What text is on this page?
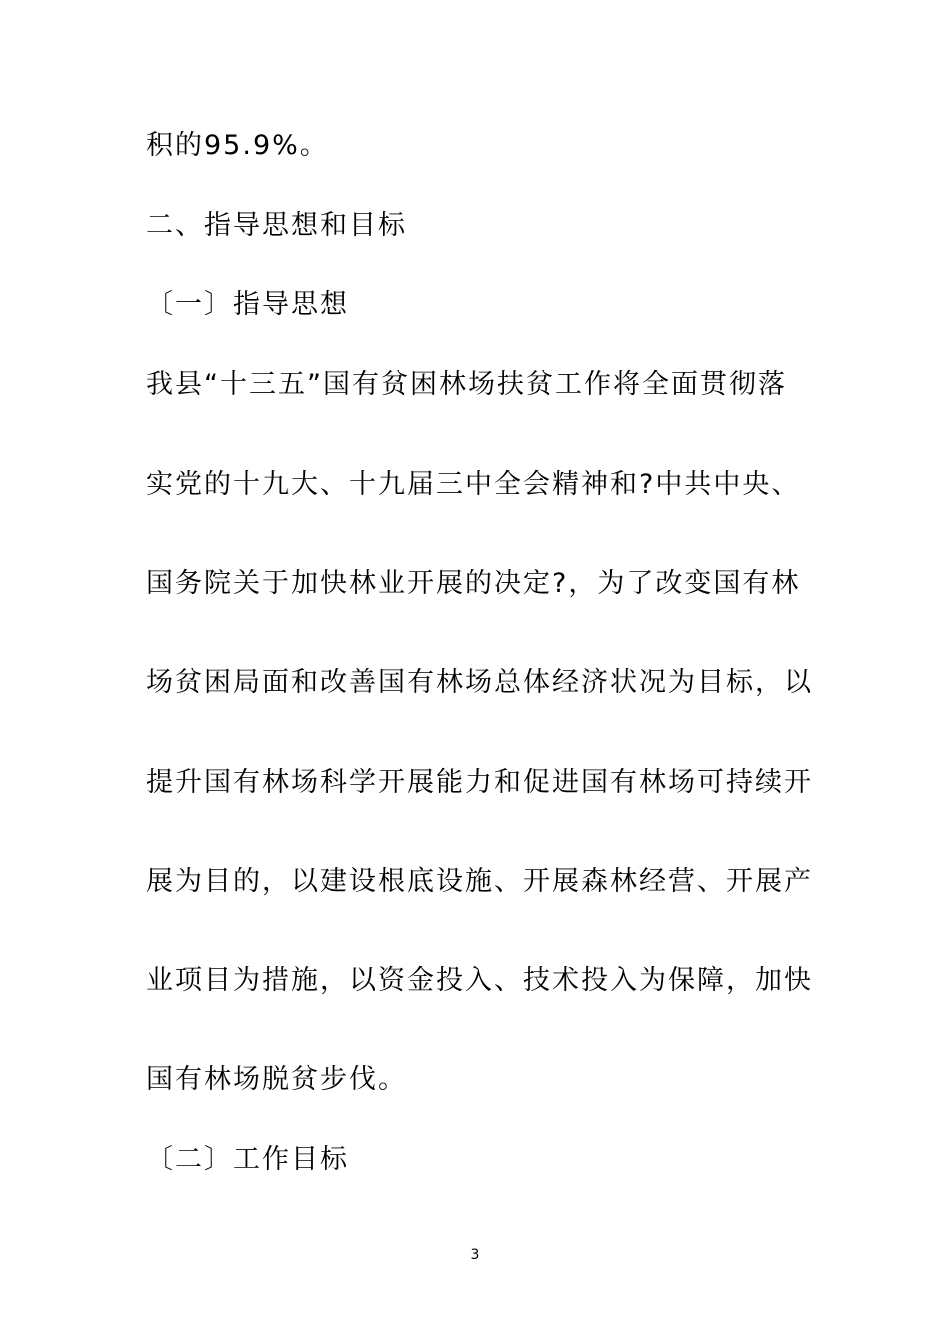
积的95.9%。
二、指导思想和目标
〔一〕指导思想
我县“十三五”国有贫困林场扶贫工作将全面贯彻落
实党的十九大、十九届三中全会精神和?中共中央、
国务院关于加快林业开展的决定?，为了改变国有林
场贫困局面和改善国有林场总体经济状况为目标，以
提升国有林场科学开展能力和促进国有林场可持续开
展为目的，以建设根底设施、开展森林经营、开展产
业项目为措施，以资金投入、技术投入为保障，加快
国有林场脱贫步伐。
〔二〕工作目标
3
